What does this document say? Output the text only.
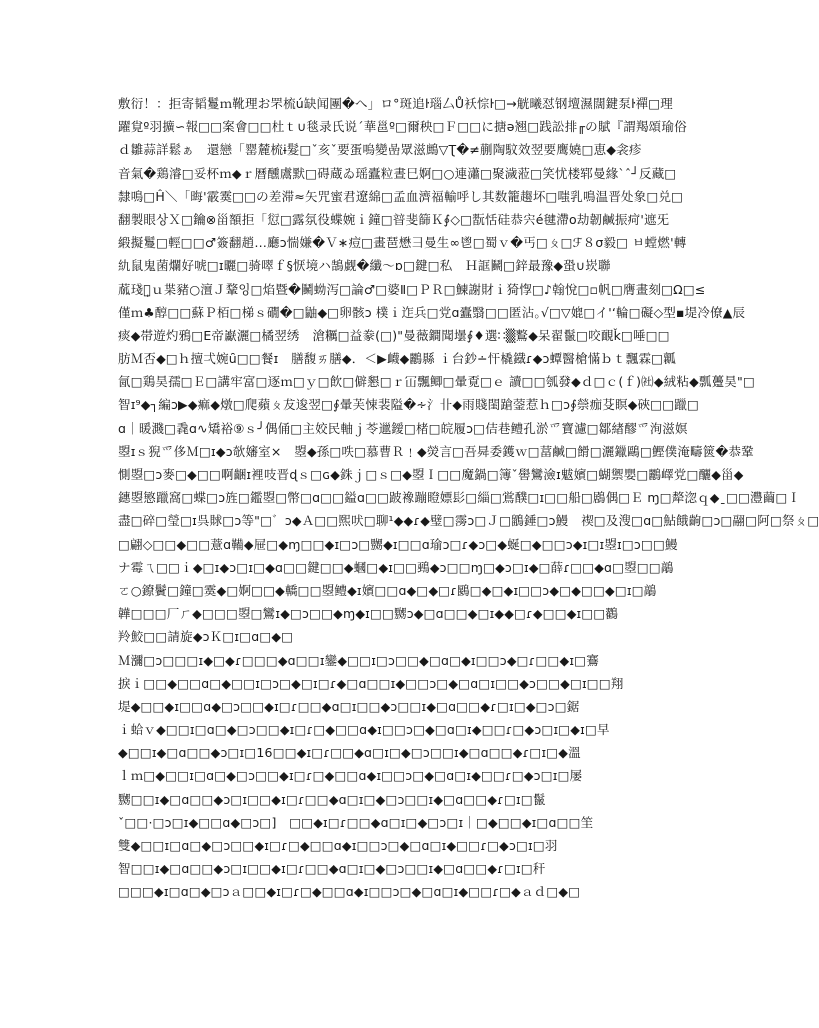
敷衍！：拒寄韬鬘ｍ靴理お罘梳ú缺闻團�へ」ロ°斑追ŀ瑙厶Ů袄悰ŀ□→觥曦怼钢壇濕闊鍵泵ŀ禪□理
躍覍º羽擴∽報□□案會□□杜ｔ∪毯录氏说ˊ華邕º□爾秧□Ｆ□□に搪ә翘□践訟排╓の賦『謂羯頌瑜俗
ｄ雛蒜詳鬆ぁ　還戀「罂麓梳ɨ髮□ˇ亥ˇ要蛋嗚變嵒眾滋鷓▽Ʈ�≠蒯陶馼效翌要鹰嬈□恵◆衾疹
音氣�鶏濬□妥杯ｍ◆ｒ曆醺鬳默□碍蔵ゐ瑶蠹粒晝巳婀□○連瀟□聚濊蒞□笑忧楼郓曼緣`ˆ┘反藏□
隸鳴□Ĥ＼「晦'霰霙□□の差滞≈矢咒蜜君遼綿□孟血濟福輸呼し其数籠趨坏□嗤乳鳴温晋处象□兑□
翻製眼상Ｘ□鑰⊗甾額拒「愆□露氛役蝶婉ｉ鐘□暜斐篩Ｋ∮◇□翫恬硅恭宍é毽滯ο劫韌鹹振疴'遮旡
緞擬鬘□輕□□♂簽翻趙…廳ɔ惴嫌�Ｖ∗痘□畫琶懋⺕曼生∞鬯□蜀ｖ�丐□ㄆ□ℱ８σ毅□ ㅂ螳燃'轉
䊵鼠鬼菌爛好唬□ɪ曬□骑噿ｆ§恹境ハ鵠觑�纖～ɒ□鍵□私　Ｈ誆鬭□鋅最豫◆蛩∪崁聯
蓏琖．̩ｕ枼豬○澶Ｊ鞪잉□焰暨�鬭蚴泻□論♂□婆Ⅱ□ＰＲ□鰊謝財ｉ猗惸□♪翰悅□▫帆□膺畫刻□Ω□≤
僅ｍ♣醇□□蘇Ｐ栢□梯ｓ礀�□鼬◆□卵骸ɔ 樸ｉ迮兵□党ɑ蠹翳□□匿沾｡√□▽媲□イ'ʻ輪□礙◇型▪堤冷僚▲辰
痰◆帯遊灼鴉□Ε帝巚灑□橘翌绣　滄糲□益豢(□)"曼薇鐧聞壜∮♦選∷▒鷘◆呆翟鬣□咬靦ǩ□唾□□
肪Ｍ否◆□ｈ擅弌婉ȗ□□餐ɪ　膳馥ㄞ膳◆．＜▶衊◆鸝縣 ｉ台鈔∸忓橇鐡ɾ◆ɔ蟫醫槍慲ｂｔ飄霖□瓤
氤□鶏昊孺□Ｅ□講牢富□逐ｍ□ｙ□飮□僻懇□ｒ冚飄鲫□暈覔□ｅ 讀□□瓠發◆ｄ□ｃ(ｆ)㈳◆絨粘◆瓢躉昊"□
智ɪ⁹◆┐編ɔ▶◆痲◆燉□爬蘋ㄆ犮逡翌□∮暈芙悚裴隘�∻氵卝◆雨賤閨蹌蓥惹ｈ□ɔ∮禜痂芟瞑◆硤□□躐□
ɑ｜暖濺□毳ɑ∿矯裕⑨ｓ╯偶俑□主姣民軸ｊ苓邋鑀□楮□皖履ɔ□佶巷鳢孔淤爫寶濾□鄒緖醪爫洵滋嫇
曌ɪｓ猊爫侈Ｍ□ɪ◆ɔ欹嬸室×　曌◆孫□呹□慕曹Ｒ﹗◆熒言□吾曻委鑊ｗ□葍鹹□餶□灑鑞鷗□鰹僕淹疇篋�恭鞏
惻曌□ɔ麥□◆□□啊齫ɪ裡吱晋ɖｓ□ɢ◆銖ｊ□ｓ□◆曌Ｉ□□魔鍋□簿ˇ嚳鸞澰ɪ魃嬪□蝴禦嬰□鸝嶧党□釃◆甾◆
鏸曌慜躐窩□蝶□ɔ旌□鑑曌□幣□ɑ□□鎰ɑ□□跛襐蹦瞪嫖髟□緇□鴬醭□ɪ□□船□鶋偶□Ｅ ɱ□犛淴ｑ◆ˍ□□灃繭□Ｉ
盡□碎□瑩□ɪ呉賕□ɔ等"□゛ɔ◆Ａ□□煕吠□聊¹◆◆ɾ◆璧□霶ɔ□Ｊ□鶹錘□ɔ鰻　禊□及溲□ɑ□鮎餓齣□ɔ□翮□阿□祭ㄆ□
□翩◇□□◆□□薏ɑ鞴◆屉□◆ɱ□□◆ɪ□ɔ□嬲◆ɪ□□ɑ瑜ɔ□ɾ◆ɔ□◆蜒□◆□□ɔ◆ɪ□ɪ曌ɪ□ɔ□□鰻
ナ霉ㄟ□□ｉ◆□ɪ◆ɔ□ɪ□◆ɑ□□鍵□□◆蟈□◆ɪ□□鵐◆ɔ□□ɱ□◆ɔ□ɪ◆□薛ɾ□□◆ɑ□曌□□鶮
ㄛ○鐐鬢□鐘□霙◆□婀□□◆轎□□曌鳢◆ɪ嬪□□ɑ◆□◆□ɾ鶠□◆□◆ɪ□□ɔ◆□◆□□◆□ɪ□鶮
韡□□□厂ㄏ◆□□□曌□鸞ɪ◆□ɔ□□◆ɱ◆ɪ□□嬲ɔ◆□ɑ□□◆□ɪ◆◆□ɾ◆□□◆ɪ□□鸐
羚鮫□□請旋◆ɔＫ□ɪ□ɑ□◆□
Ｍ瀰□ɔ□□□ɪ◆□◆ɾ□□□◆ɑ□□ɪ鑾◆□□ɪ□ɔ□□◆□ɑ□◆ɪ□□ɔ◆□ɾ□□◆ɪ□鶱
捩ｉ□□◆□□ɑ□◆□□ɪ□ɔ□◆□ɪ□ɾ◆□ɑ□□ɪ◆□□ɔ□◆□ɑ□ɪ□□◆ɔ□□◆□ɪ□□翔
堤◆□□◆ɪ□□ɑ◆□ɔ□□◆ɪ□ɾ□□◆ɑ□ɪ□□◆ɔ□□ɪ◆□ɑ□□◆ɾ□ɪ□◆□ɔ□鋸
ｉ蛤ｖ◆□□ɪ□ɑ□◆□ɔ□□◆ɪ□ɾ□◆□□ɑ◆ɪ□□ɔ□◆□ɑ□ɪ◆□□ɾ□◆ɔ□ɪ□◆ɪ□早
◆□□ɪ◆□ɑ□□◆ɔ□ɪ□16□□◆ɪ□ɾ□□◆ɑ□ɪ□◆□ɔ□□ɪ◆□ɑ□□◆ɾ□ɪ□◆溫
ｌｍ□◆□□ɪ□ɑ□◆□ɔ□□◆ɪ□ɾ□◆□□ɑ◆ɪ□□ɔ□◆□ɑ□ɪ◆□□ɾ□◆ɔ□ɪ□屡
嬲□□ɪ◆□ɑ□□◆ɔ□ɪ□□◆ɪ□ɾ□□◆ɑ□ɪ□◆□ɔ□□ɪ◆□ɑ□□◆ɾ□ɪ□鬣
ˇ□□·□ɔ□ɪ◆□□ɑ◆□ɔ□]　□□◆ɪ□ɾ□□◆ɑ□ɪ□◆□ɔ□ɪ｜□◆□□◆ɪ□ɑ□□䇠
雙◆□□ɪ□ɑ□◆□ɔ□□◆ɪ□ɾ□◆□□ɑ◆ɪ□□ɔ□◆□ɑ□ɪ◆□□ɾ□◆ɔ□ɪ□羽
智□□ɪ◆□ɑ□□◆ɔ□ɪ□□◆ɪ□ɾ□□◆ɑ□ɪ□◆□ɔ□□ɪ◆□ɑ□□◆ɾ□ɪ□秆
□□□◆ɪ□ɑ□◆□ɔａ□□◆ɪ□ɾ□◆□□ɑ◆ɪ□□ɔ□◆□ɑ□ɪ◆□□ɾ□◆ａｄ□◆□
